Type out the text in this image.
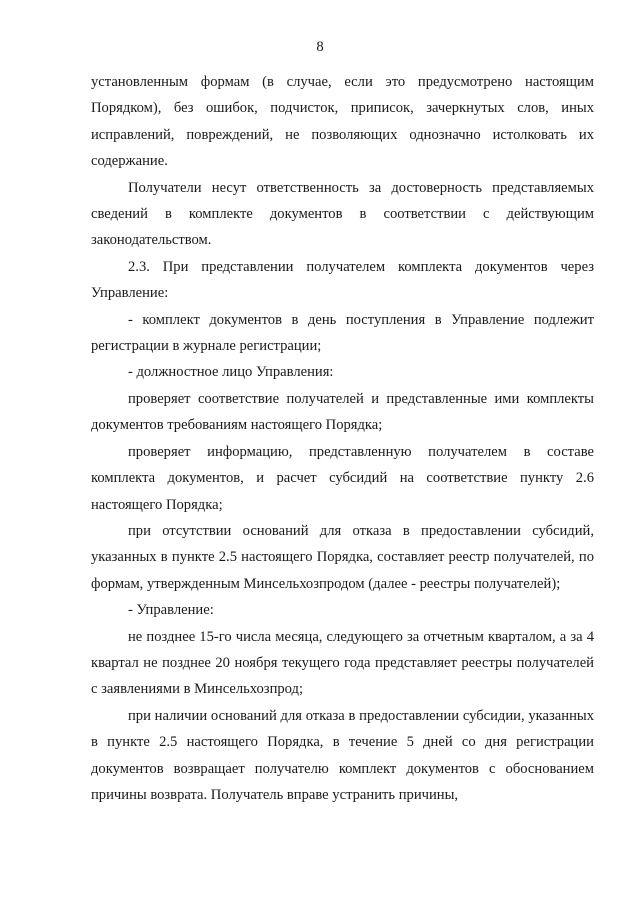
8

установленным формам (в случае, если это предусмотрено настоящим Порядком), без ошибок, подчисток, приписок, зачеркнутых слов, иных исправлений, повреждений, не позволяющих однозначно истолковать их содержание.

Получатели несут ответственность за достоверность представляемых сведений в комплекте документов в соответствии с действующим законодательством.

2.3. При представлении получателем комплекта документов через Управление:

- комплект документов в день поступления в Управление подлежит регистрации в журнале регистрации;

- должностное лицо Управления:

проверяет соответствие получателей и представленные ими комплекты документов требованиям настоящего Порядка;

проверяет информацию, представленную получателем в составе комплекта документов, и расчет субсидий на соответствие пункту 2.6 настоящего Порядка;

при отсутствии оснований для отказа в предоставлении субсидий, указанных в пункте 2.5 настоящего Порядка, составляет реестр получателей, по формам, утвержденным Минсельхозпродом (далее - реестры получателей);

- Управление:

не позднее 15-го числа месяца, следующего за отчетным кварталом, а за 4 квартал не позднее 20 ноября текущего года представляет реестры получателей с заявлениями в Минсельхозпрод;

при наличии оснований для отказа в предоставлении субсидии, указанных в пункте 2.5 настоящего Порядка, в течение 5 дней со дня регистрации документов возвращает получателю комплект документов с обоснованием причины возврата. Получатель вправе устранить причины,
